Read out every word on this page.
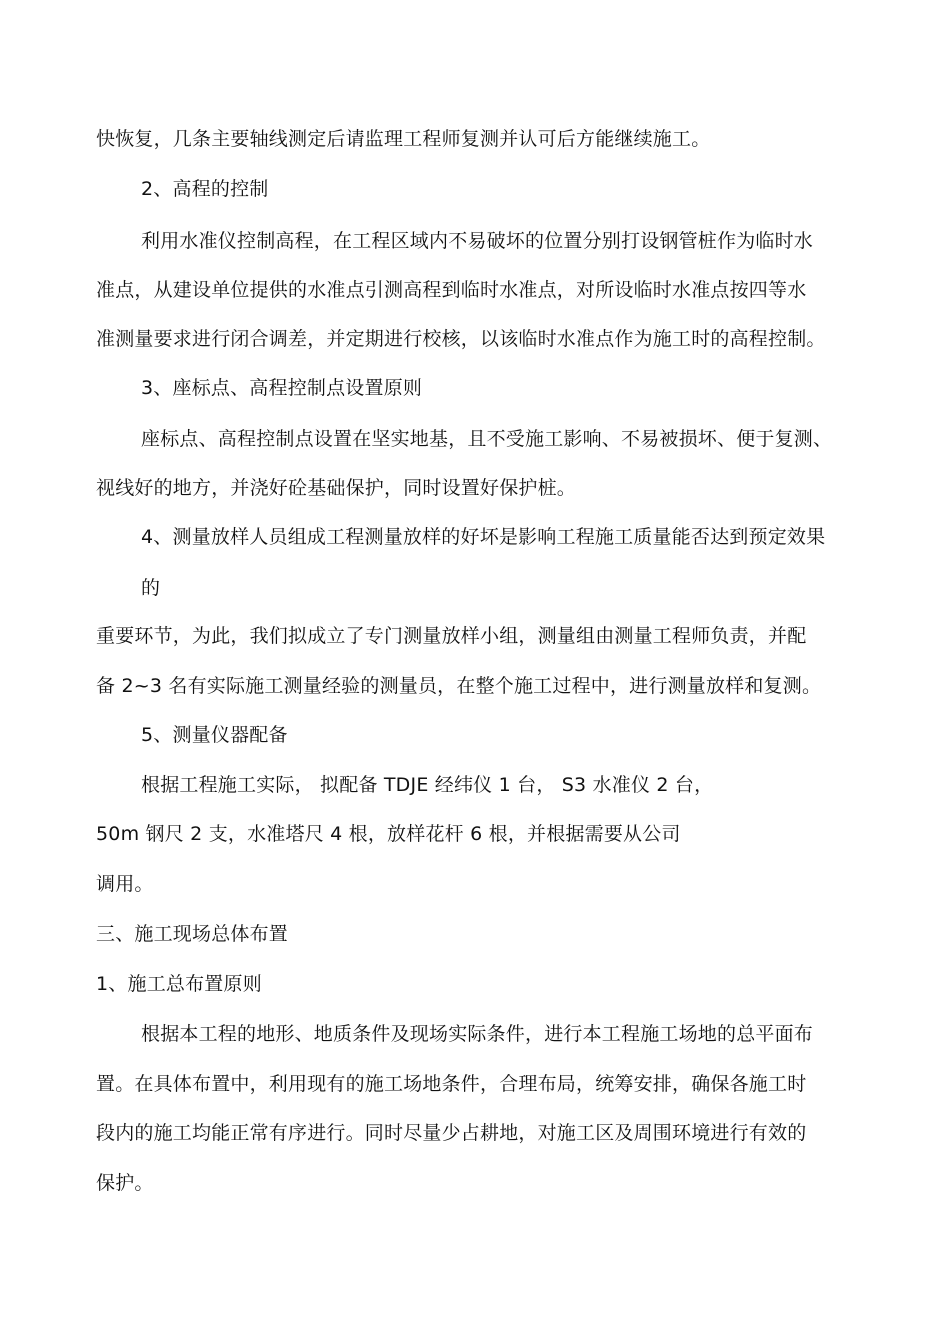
快恢复，几条主要轴线测定后请监理工程师复测并认可后方能继续施工。
2、高程的控制
利用水准仪控制高程，在工程区域内不易破坏的位置分别打设钢管桩作为临时水
准点，从建设单位提供的水准点引测高程到临时水准点，对所设临时水准点按四等水
准测量要求进行闭合调差，并定期进行校核，以该临时水准点作为施工时的高程控制。
3、座标点、高程控制点设置原则
座标点、高程控制点设置在坚实地基，且不受施工影响、不易被损坏、便于复测、
视线好的地方，并浇好砼基础保护，同时设置好保护桩。
4、测量放样人员组成工程测量放样的好坏是影响工程施工质量能否达到预定效果
的
重要环节，为此，我们拟成立了专门测量放样小组，测量组由测量工程师负责，并配
备 2~3 名有实际施工测量经验的测量员，在整个施工过程中，进行测量放样和复测。
5、测量仪器配备
根据工程施工实际， 拟配备 TDJE 经纬仪 1 台， S3 水准仪 2 台，
50m 钢尺 2 支，水准塔尺 4 根，放样花杆 6 根，并根据需要从公司
调用。
三、施工现场总体布置
1、施工总布置原则
根据本工程的地形、地质条件及现场实际条件，进行本工程施工场地的总平面布
置。在具体布置中，利用现有的施工场地条件，合理布局，统筹安排，确保各施工时
段内的施工均能正常有序进行。同时尽量少占耕地，对施工区及周围环境进行有效的
保护。
